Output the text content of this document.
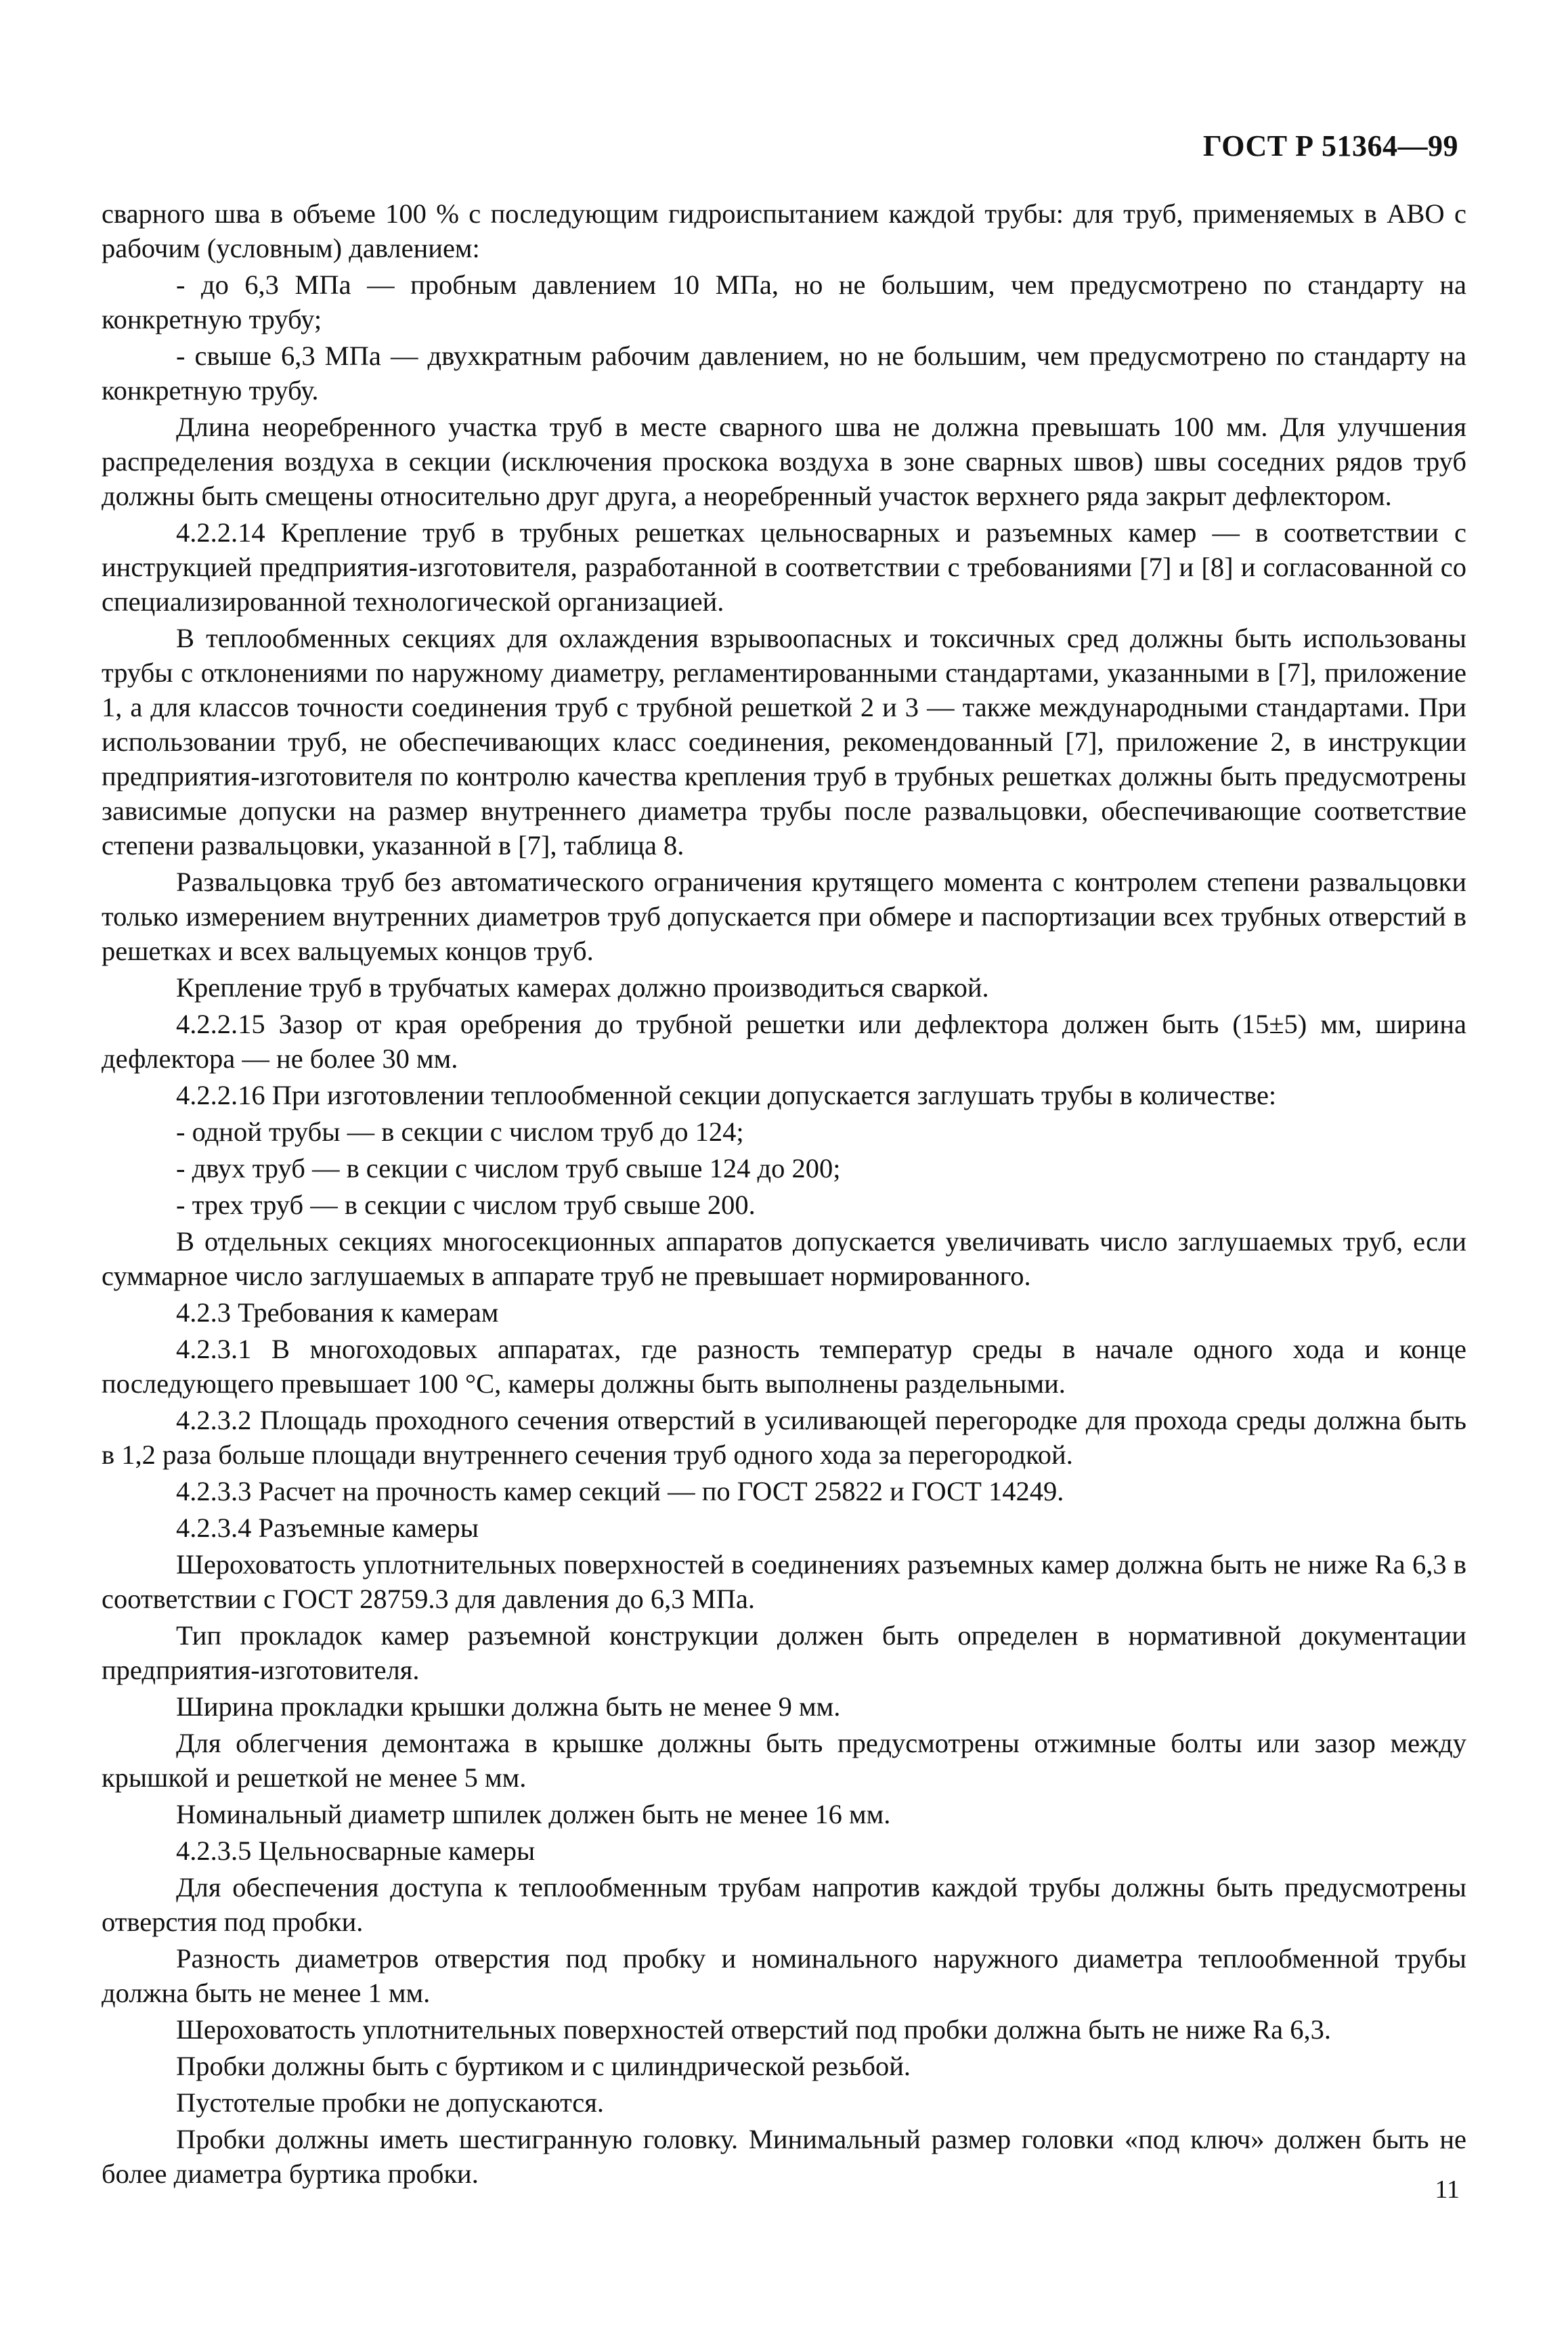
ГОСТ Р 51364—99

сварного шва в объеме 100 % с последующим гидроиспытанием каждой трубы: для труб, применяемых в АВО с рабочим (условным) давлением:

- до 6,3 МПа — пробным давлением 10 МПа, но не большим, чем предусмотрено по стандарту на конкретную трубу;

- свыше 6,3 МПа — двухкратным рабочим давлением, но не большим, чем предусмотрено по стандарту на конкретную трубу.

Длина неоребренного участка труб в месте сварного шва не должна превышать 100 мм. Для улучшения распределения воздуха в секции (исключения проскока воздуха в зоне сварных швов) швы соседних рядов труб должны быть смещены относительно друг друга, а неоребренный участок верхнего ряда закрыт дефлектором.

4.2.2.14 Крепление труб в трубных решетках цельносварных и разъемных камер — в соответствии с инструкцией предприятия-изготовителя, разработанной в соответствии с требованиями [7] и [8] и согласованной со специализированной технологической организацией.

В теплообменных секциях для охлаждения взрывоопасных и токсичных сред должны быть использованы трубы с отклонениями по наружному диаметру, регламентированными стандартами, указанными в [7], приложение 1, а для классов точности соединения труб с трубной решеткой 2 и 3 — также международными стандартами. При использовании труб, не обеспечивающих класс соединения, рекомендованный [7], приложение 2, в инструкции предприятия-изготовителя по контролю качества крепления труб в трубных решетках должны быть предусмотрены зависимые допуски на размер внутреннего диаметра трубы после развальцовки, обеспечивающие соответствие степени развальцовки, указанной в [7], таблица 8.

Развальцовка труб без автоматического ограничения крутящего момента с контролем степени развальцовки только измерением внутренних диаметров труб допускается при обмере и паспортизации всех трубных отверстий в решетках и всех вальцуемых концов труб.

Крепление труб в трубчатых камерах должно производиться сваркой.

4.2.2.15 Зазор от края оребрения до трубной решетки или дефлектора должен быть (15±5) мм, ширина дефлектора — не более 30 мм.

4.2.2.16 При изготовлении теплообменной секции допускается заглушать трубы в количестве:

- одной трубы — в секции с числом труб до 124;

- двух труб — в секции с числом труб свыше 124 до 200;

- трех труб — в секции с числом труб свыше 200.

В отдельных секциях многосекционных аппаратов допускается увеличивать число заглушаемых труб, если суммарное число заглушаемых в аппарате труб не превышает нормированного.

4.2.3 Требования к камерам

4.2.3.1 В многоходовых аппаратах, где разность температур среды в начале одного хода и конце последующего превышает 100 °С, камеры должны быть выполнены раздельными.

4.2.3.2 Площадь проходного сечения отверстий в усиливающей перегородке для прохода среды должна быть в 1,2 раза больше площади внутреннего сечения труб одного хода за перегородкой.

4.2.3.3 Расчет на прочность камер секций — по ГОСТ 25822 и ГОСТ 14249.

4.2.3.4 Разъемные камеры

Шероховатость уплотнительных поверхностей в соединениях разъемных камер должна быть не ниже Ra 6,3 в соответствии с ГОСТ 28759.3 для давления до 6,3 МПа.

Тип прокладок камер разъемной конструкции должен быть определен в нормативной документации предприятия-изготовителя.

Ширина прокладки крышки должна быть не менее 9 мм.

Для облегчения демонтажа в крышке должны быть предусмотрены отжимные болты или зазор между крышкой и решеткой не менее 5 мм.

Номинальный диаметр шпилек должен быть не менее 16 мм.

4.2.3.5 Цельносварные камеры

Для обеспечения доступа к теплообменным трубам напротив каждой трубы должны быть предусмотрены отверстия под пробки.

Разность диаметров отверстия под пробку и номинального наружного диаметра теплообменной трубы должна быть не менее 1 мм.

Шероховатость уплотнительных поверхностей отверстий под пробки должна быть не ниже Ra 6,3.

Пробки должны быть с буртиком и с цилиндрической резьбой.

Пустотелые пробки не допускаются.

Пробки должны иметь шестигранную головку. Минимальный размер головки «под ключ» должен быть не более диаметра буртика пробки.

11
